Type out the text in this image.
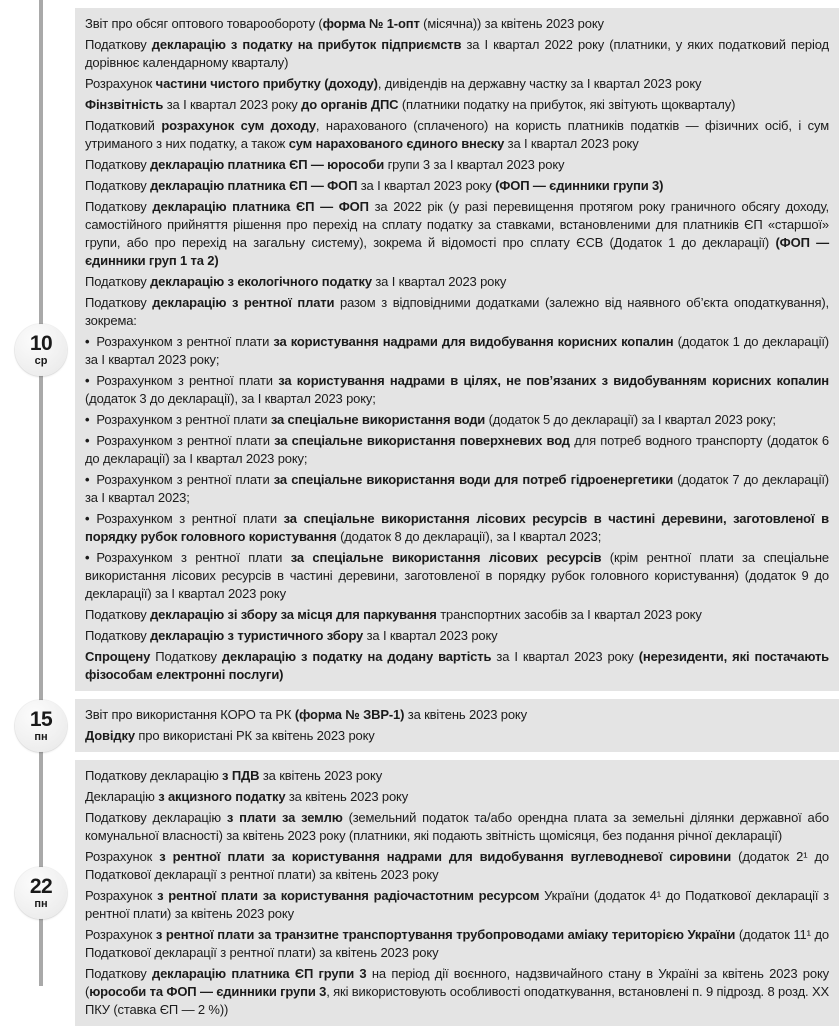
10
ср

Звіт про обсяг оптового товарообороту (форма № 1-опт (місячна)) за квітень 2023 року

Податкову декларацію з податку на прибуток підприємств за І квартал 2022 року (платники, у яких податковий період дорівнює календарному кварталу)

Розрахунок частини чистого прибутку (доходу), дивідендів на державну частку за І квартал 2023 року

Фінзвітність за І квартал 2023 року до органів ДПС (платники податку на прибуток, які звітують щокварталу)

Податковий розрахунок сум доходу, нарахованого (сплаченого) на користь платників податків — фізичних осіб, і сум утриманого з них податку, а також сум нарахованого єдиного внеску за І квартал 2023 року

Податкову декларацію платника ЄП — юрособи групи 3 за І квартал 2023 року

Податкову декларацію платника ЄП — ФОП за І квартал 2023 року (ФОП — єдинники групи 3)

Податкову декларацію платника ЄП — ФОП за 2022 рік (у разі перевищення протягом року граничного обсягу доходу, самостійного прийняття рішення про перехід на сплату податку за ставками, встановленими для платників ЄП «старшої» групи, або про перехід на загальну систему), зокрема й відомості про сплату ЄСВ (Додаток 1 до декларації) (ФОП — єдинники груп 1 та 2)

Податкову декларацію з екологічного податку за І квартал 2023 року

Податкову декларацію з рентної плати разом з відповідними додатками (залежно від наявного об’єкта оподаткування), зокрема:

• Розрахунком з рентної плати за користування надрами для видобування корисних копалин (додаток 1 до декларації) за І квартал 2023 року;

• Розрахунком з рентної плати за користування надрами в цілях, не пов’язаних з видобуванням корисних копалин (додаток 3 до декларації), за І квартал 2023 року;

• Розрахунком з рентної плати за спеціальне використання води (додаток 5 до декларації) за І квартал 2023 року;

• Розрахунком з рентної плати за спеціальне використання поверхневих вод для потреб водного транспорту (додаток 6 до декларації) за І квартал 2023 року;

• Розрахунком з рентної плати за спеціальне використання води для потреб гідроенергетики (додаток 7 до декларації) за І квартал 2023;

• Розрахунком з рентної плати за спеціальне використання лісових ресурсів в частині деревини, заготовленої в порядку рубок головного користування (додаток 8 до декларації), за І квартал 2023;

• Розрахунком з рентної плати за спеціальне використання лісових ресурсів (крім рентної плати за спеціальне використання лісових ресурсів в частині деревини, заготовленої в порядку рубок головного користування) (додаток 9 до декларації) за І квартал 2023 року

Податкову декларацію зі збору за місця для паркування транспортних засобів за І квартал 2023 року

Податкову декларацію з туристичного збору за І квартал 2023 року

Спрощену Податкову декларацію з податку на додану вартість за І квартал 2023 року (нерезиденти, які постачають фізособам електронні послуги)

15
пн

Звіт про використання КОРО та РК (форма № ЗВР-1) за квітень 2023 року

Довідку про використані РК за квітень 2023 року

22
пн

Податкову декларацію з ПДВ за квітень 2023 року

Декларацію з акцизного податку за квітень 2023 року

Податкову декларацію з плати за землю (земельний податок та/або орендна плата за земельні ділянки державної або комунальної власності) за квітень 2023 року (платники, які подають звітність щомісяця, без подання річної декларації)

Розрахунок з рентної плати за користування надрами для видобування вуглеводневої сировини (додаток 2¹ до Податкової декларації з рентної плати) за квітень 2023 року

Розрахунок з рентної плати за користування радіочастотним ресурсом України (додаток 4¹ до Податкової декларації з рентної плати) за квітень 2023 року

Розрахунок з рентної плати за транзитне транспортування трубопроводами аміаку територією України (додаток 11¹ до Податкової декларації з рентної плати) за квітень 2023 року

Податкову декларацію платника ЄП групи 3 на період дії воєнного, надзвичайного стану в Україні за квітень 2023 року (юрособи та ФОП — єдинники групи 3, які використовують особливості оподаткування, встановлені п. 9 підрозд. 8 розд. ХХ ПКУ (ставка ЄП — 2 %))
